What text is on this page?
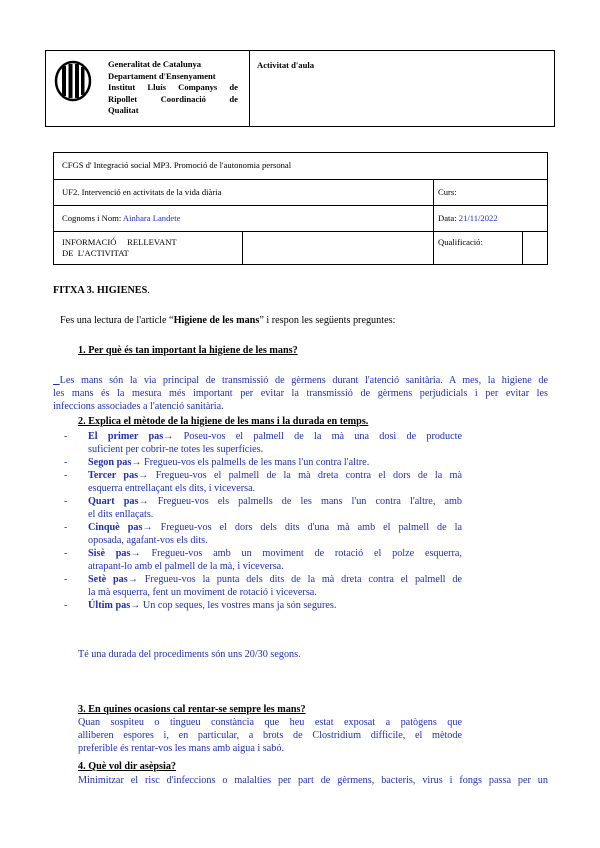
Generalitat de Catalunya
Departament d'Ensenyament
Institut Lluís Companys de
Ripollet Coordinació de
Qualitat
Activitat d'aula
CFGS d' Integració social MP3. Promoció de l'autonomia personal
UF2. Intervenció en activitats de la vida diària	Curs:
Cognoms i Nom: Ainhara Landete	Data: 21/11/2022
INFORMACIÓ     RELLEVANT
DE  L'ACTIVITAT
Qualificació:
FITXA 3. HIGIENES.
Fes una lectura de l'article “Higiene de les mans” i respon les següents preguntes:
1. Per què és tan important la higiene de les mans?
Les mans són la via principal de transmissió de gèrmens durant l'atenció sanitària. A mes, la higiene de
les mans és la mesura més important per evitar la transmissió de gèrmens perjudicials i per evitar les
infeccions associades a l'atenció sanitària.
2. Explica el mètode de la higiene de les mans i la durada en temps.
- El primer pas→ Poseu-vos el palmell de la mà una dosi de producte
suficient per cobrir-ne totes les superfícies.
- Segon pas→ Fregueu-vos els palmells de les mans l'un contra l'altre.
- Tercer pas→ Fregueu-vos el palmell de la mà dreta contra el dors de la mà
esquerra entrellaçant els dits, i viceversa.
- Quart pas→ Fregueu-vos els palmells de les mans l'un contra l'altre, amb
el dits enllaçats.
- Cinquè pas→ Fregueu-vos el dors dels dits d'una mà amb el palmell de la
oposada, agafant-vos els dits.
- Sisè pas→ Fregueu-vos amb un moviment de rotació el polze esquerra,
atrapant-lo amb el palmell de la mà, i viceversa.
- Setè pas→ Fregueu-vos la punta dels dits de la mà dreta contra el palmell de
la mà esquerra, fent un moviment de rotació i viceversa.
- Últim pas→ Un cop seques, les vostres mans ja són segures.
Té una durada del procediments són uns 20/30 segons.
3. En quines ocasions cal rentar-se sempre les mans?
Quan sospiteu o tingueu constància que heu estat exposat a patògens que
alliberen espores i, en particular, a brots de Clostridium difficile, el mètode
preferible és rentar-vos les mans amb aigua i sabó.
4. Què vol dir asèpsia?
Minimitzar el risc d'infeccions o malalties per part de gèrmens, bacteris, virus i fongs passa per un
